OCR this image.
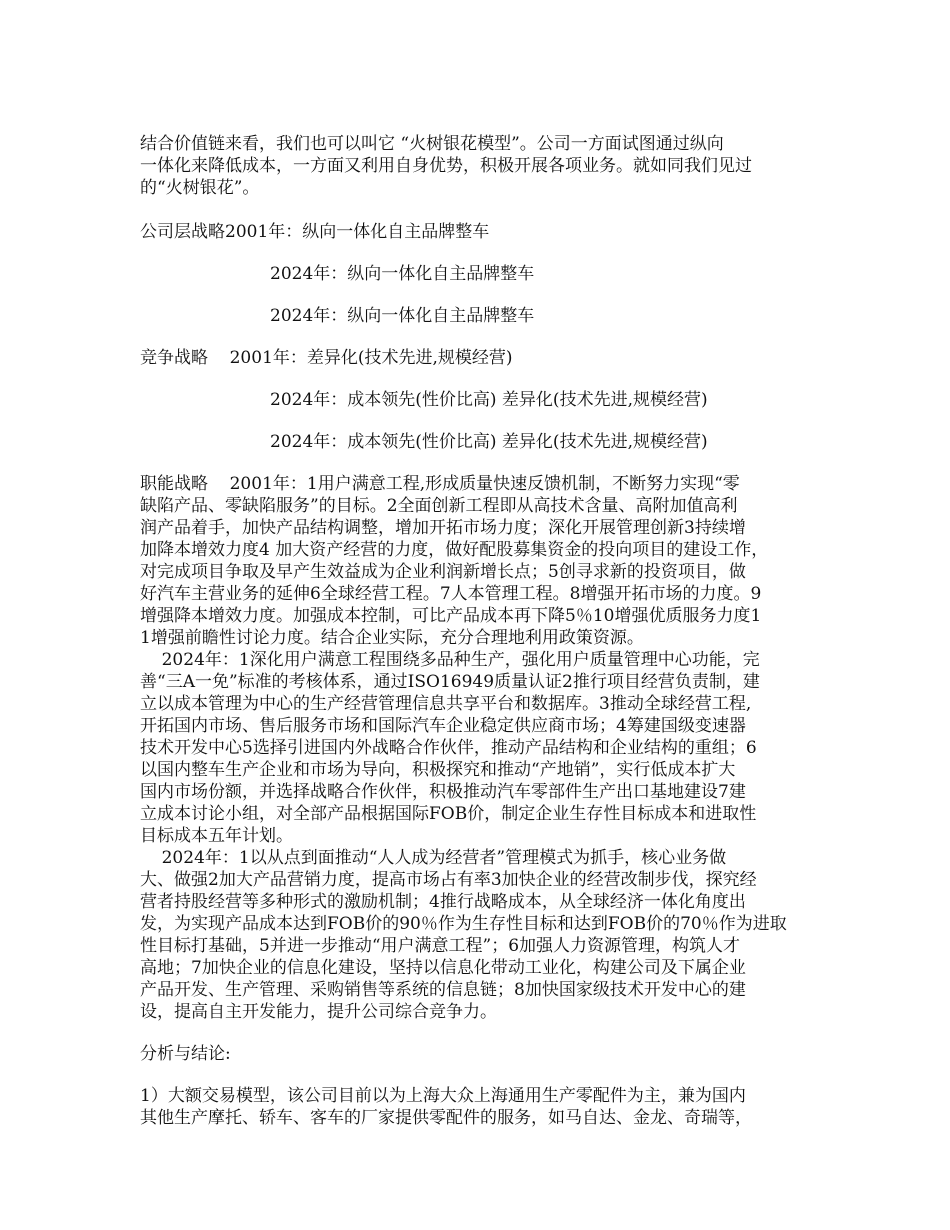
结合价值链来看，我们也可以叫它 “火树银花模型”。公司一方面试图通过纵向
一体化来降低成本，一方面又利用自身优势，积极开展各项业务。就如同我们见过
的“火树银花”。
公司层战略2001年：纵向一体化自主品牌整车
2024年：纵向一体化自主品牌整车
2024年：纵向一体化自主品牌整车
竞争战略    2001年：差异化(技术先进,规模经营)
2024年：成本领先(性价比高) 差异化(技术先进,规模经营)
2024年：成本领先(性价比高) 差异化(技术先进,规模经营)
职能战略    2001年：1用户满意工程,形成质量快速反馈机制，不断努力实现“零
缺陷产品、零缺陷服务”的目标。2全面创新工程即从高技术含量、高附加值高利
润产品着手，加快产品结构调整，增加开拓市场力度；深化开展管理创新3持续增
加降本增效力度4 加大资产经营的力度，做好配股募集资金的投向项目的建设工作，
对完成项目争取及早产生效益成为企业利润新增长点；5创寻求新的投资项目，做
好汽车主营业务的延伸6全球经营工程。7人本管理工程。8增强开拓市场的力度。9
增强降本增效力度。加强成本控制，可比产品成本再下降5％10增强优质服务力度1
1增强前瞻性讨论力度。结合企业实际，充分合理地利用政策资源。
2024年：1深化用户满意工程围绕多品种生产，强化用户质量管理中心功能，完
善“三A一免”标准的考核体系，通过ISO16949质量认证2推行项目经营负责制，建
立以成本管理为中心的生产经营管理信息共享平台和数据库。3推动全球经营工程,
开拓国内市场、售后服务市场和国际汽车企业稳定供应商市场；4筹建国级变速器
技术开发中心5选择引进国内外战略合作伙伴，推动产品结构和企业结构的重组；6
以国内整车生产企业和市场为导向，积极探究和推动“产地销”，实行低成本扩大
国内市场份额，并选择战略合作伙伴，积极推动汽车零部件生产出口基地建设7建
立成本讨论小组，对全部产品根据国际FOB价，制定企业生存性目标成本和进取性
目标成本五年计划。
2024年：1以从点到面推动“人人成为经营者”管理模式为抓手，核心业务做
大、做强2加大产品营销力度，提高市场占有率3加快企业的经营改制步伐，探究经
营者持股经营等多种形式的激励机制；4推行战略成本，从全球经济一体化角度出
发，为实现产品成本达到FOB价的90％作为生存性目标和达到FOB价的70％作为进取
性目标打基础，5并进一步推动“用户满意工程”；6加强人力资源管理，构筑人才
高地；7加快企业的信息化建设，坚持以信息化带动工业化，构建公司及下属企业
产品开发、生产管理、采购销售等系统的信息链；8加快国家级技术开发中心的建
设，提高自主开发能力，提升公司综合竞争力。
分析与结论:
1）大额交易模型，该公司目前以为上海大众上海通用生产零配件为主，兼为国内
其他生产摩托、轿车、客车的厂家提供零配件的服务，如马自达、金龙、奇瑞等，
